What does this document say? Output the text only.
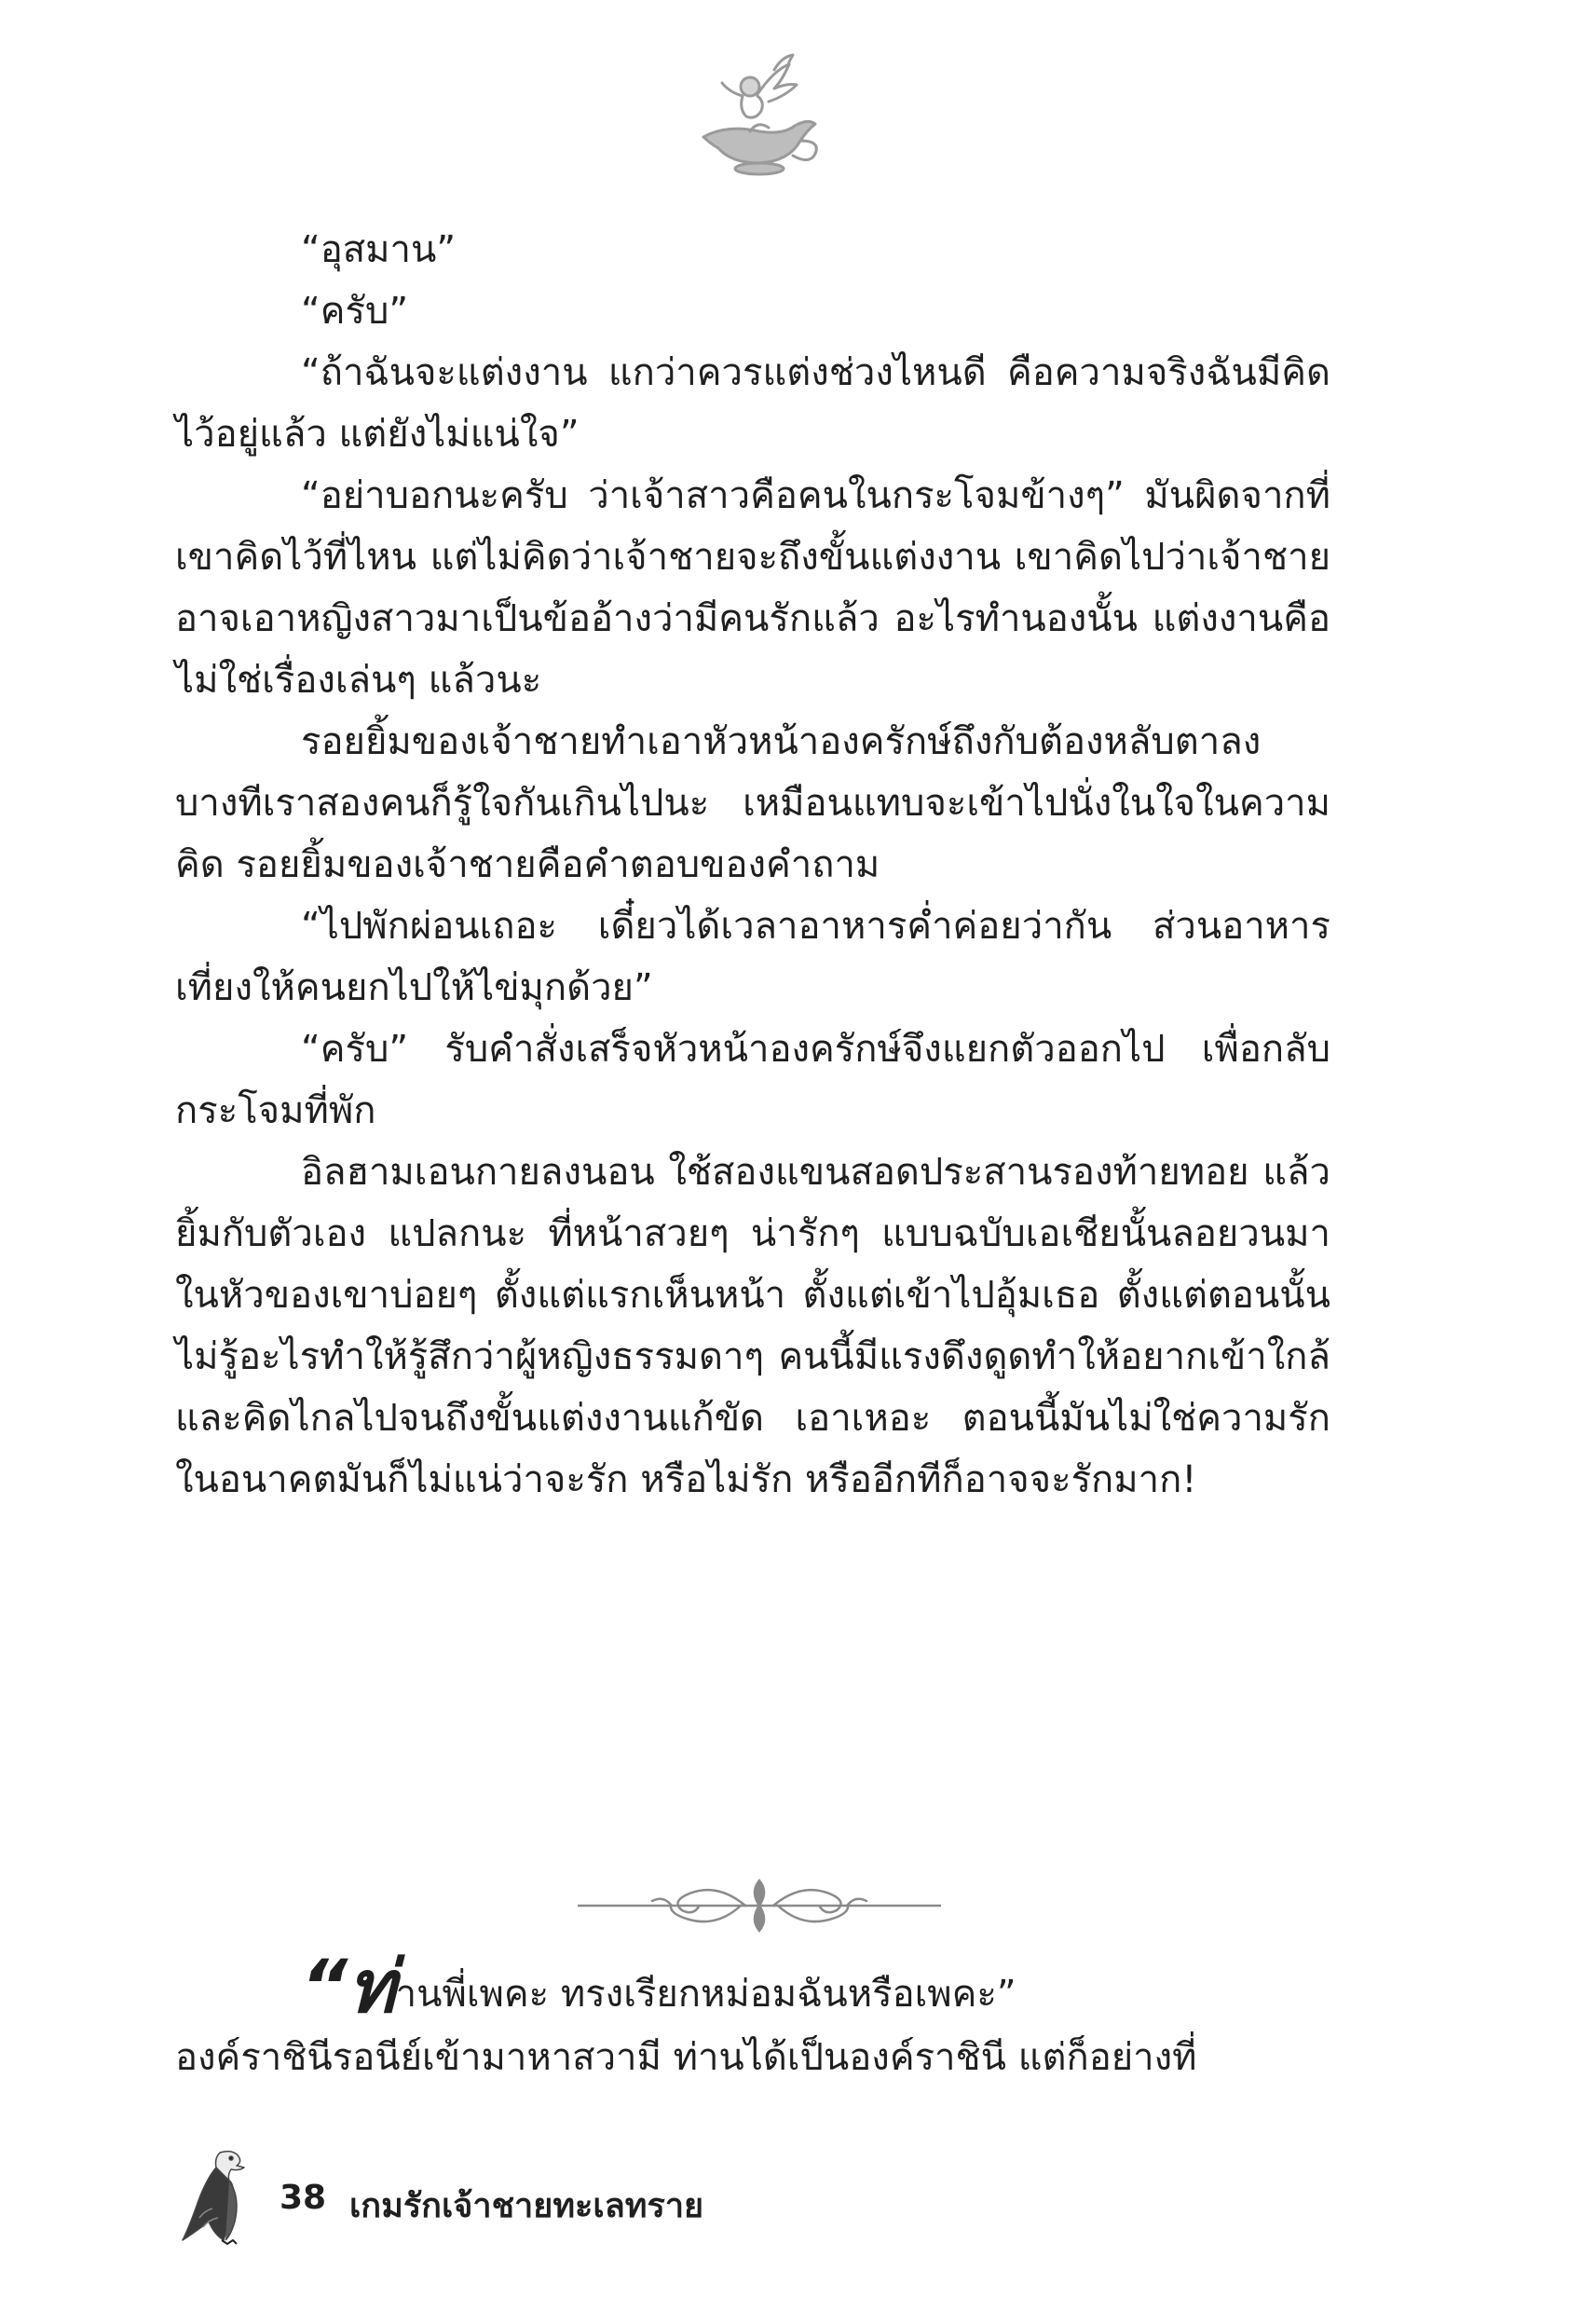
“อุสมาน”

“ครับ”

“ถ้าฉันจะแต่งงาน แกว่าควรแต่งช่วงไหนดี คือความจริงฉันมีคิดไว้อยู่แล้ว แต่ยังไม่แน่ใจ”

“อย่าบอกนะครับ ว่าเจ้าสาวคือคนในกระโจมข้างๆ” มันผิดจากที่เขาคิดไว้ที่ไหน แต่ไม่คิดว่าเจ้าชายจะถึงขั้นแต่งงาน เขาคิดไปว่าเจ้าชายอาจเอาหญิงสาวมาเป็นข้ออ้างว่ามีคนรักแล้ว อะไรทำนองนั้น แต่งงานคือไม่ใช่เรื่องเล่นๆ แล้วนะ

รอยยิ้มของเจ้าชายทำเอาหัวหน้าองครักษ์ถึงกับต้องหลับตาลง บางทีเราสองคนก็รู้ใจกันเกินไปนะ เหมือนแทบจะเข้าไปนั่งในใจในความคิด รอยยิ้มของเจ้าชายคือคำตอบของคำถาม

“ไปพักผ่อนเถอะ เดี๋ยวได้เวลาอาหารค่ำค่อยว่ากัน ส่วนอาหารเที่ยงให้คนยกไปให้ไข่มุกด้วย”

“ครับ” รับคำสั่งเสร็จหัวหน้าองครักษ์จึงแยกตัวออกไป เพื่อกลับกระโจมที่พัก

อิลฮามเอนกายลงนอน ใช้สองแขนสอดประสานรองท้ายทอย แล้วยิ้มกับตัวเอง แปลกนะ ที่หน้าสวยๆ น่ารักๆ แบบฉบับเอเชียนั้นลอยวนมาในหัวของเขาบ่อยๆ ตั้งแต่แรกเห็นหน้า ตั้งแต่เข้าไปอุ้มเธอ ตั้งแต่ตอนนั้นไม่รู้อะไรทำให้รู้สึกว่าผู้หญิงธรรมดาๆ คนนี้มีแรงดึงดูดทำให้อยากเข้าใกล้ และคิดไกลไปจนถึงขั้นแต่งงานแก้ขัด เอาเหอะ ตอนนี้มันไม่ใช่ความรัก ในอนาคตมันก็ไม่แน่ว่าจะรัก หรือไม่รัก หรืออีกทีก็อาจจะรักมาก!

“ท่านพี่เพคะ ทรงเรียกหม่อมฉันหรือเพคะ”

องค์ราชินีรอนีย์เข้ามาหาสวามี ท่านได้เป็นองค์ราชินี แต่ก็อย่างที่

38 เกมรักเจ้าชายทะเลทราย
